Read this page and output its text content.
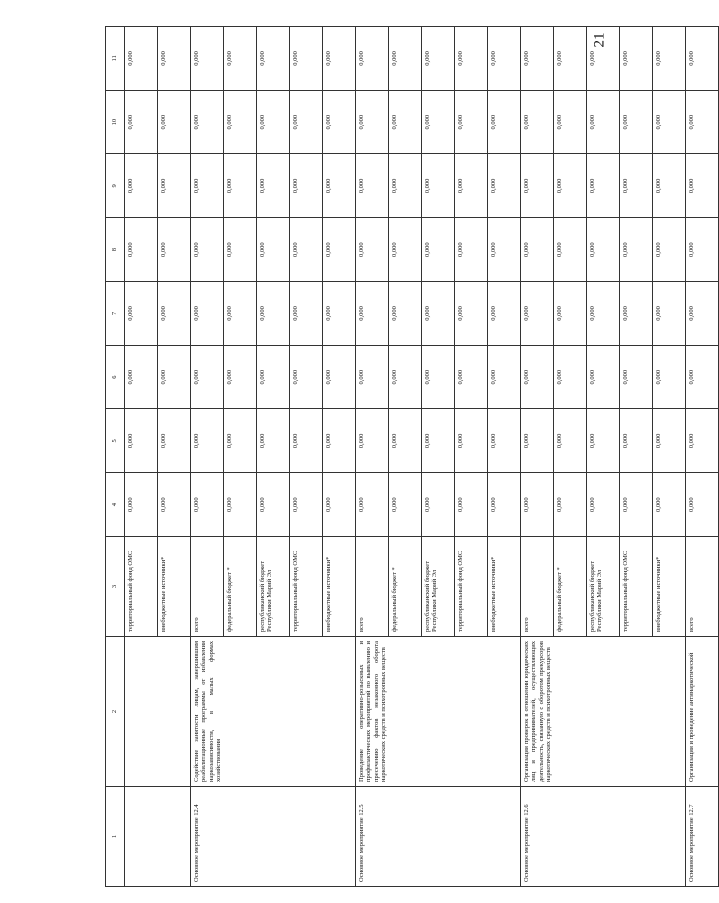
21
1	2	3	4	5	6	7	8	9	10	11
		территориальный фонд ОМС	0,000	0,000	0,000	0,000	0,000	0,000	0,000	0,000
		внебюджетные источники*	0,000	0,000	0,000	0,000	0,000	0,000	0,000	0,000
Основное мероприятие 12.4	Содействие занятости лицам, завершившим реабилитационные программы от избавления наркозависимости, в малых формах хозяйствования	всего	0,000	0,000	0,000	0,000	0,000	0,000	0,000	0,000
		федеральный бюджет *	0,000	0,000	0,000	0,000	0,000	0,000	0,000	0,000
		республиканский бюджет Республики Марий Эл	0,000	0,000	0,000	0,000	0,000	0,000	0,000	0,000
		территориальный фонд ОМС	0,000	0,000	0,000	0,000	0,000	0,000	0,000	0,000
		внебюджетные источники*	0,000	0,000	0,000	0,000	0,000	0,000	0,000	0,000
Основное мероприятие 12.5	Проведение оперативно-розыскных и профилактических мероприятий по выявлению и пресечению фактов незаконного оборота наркотических средств и психотропных веществ	всего	0,000	0,000	0,000	0,000	0,000	0,000	0,000	0,000
		федеральный бюджет *	0,000	0,000	0,000	0,000	0,000	0,000	0,000	0,000
		республиканский бюджет Республики Марий Эл	0,000	0,000	0,000	0,000	0,000	0,000	0,000	0,000
		территориальный фонд ОМС	0,000	0,000	0,000	0,000	0,000	0,000	0,000	0,000
		внебюджетные источники*	0,000	0,000	0,000	0,000	0,000	0,000	0,000	0,000
Основное мероприятие 12.6	Организация проверок в отношении юридических лиц и предпринимателей, осуществляющих деятельность, связанную с оборотом прекурсоров наркотических средств и психотропных веществ	всего	0,000	0,000	0,000	0,000	0,000	0,000	0,000	0,000
		федеральный бюджет *	0,000	0,000	0,000	0,000	0,000	0,000	0,000	0,000
		республиканский бюджет Республики Марий Эл	0,000	0,000	0,000	0,000	0,000	0,000	0,000	0,000
		территориальный фонд ОМС	0,000	0,000	0,000	0,000	0,000	0,000	0,000	0,000
		внебюджетные источники*	0,000	0,000	0,000	0,000	0,000	0,000	0,000	0,000
Основное мероприятие 12.7	Организация и проведение антинаркотической	всего	0,000	0,000	0,000	0,000	0,000	0,000	0,000	0,000
